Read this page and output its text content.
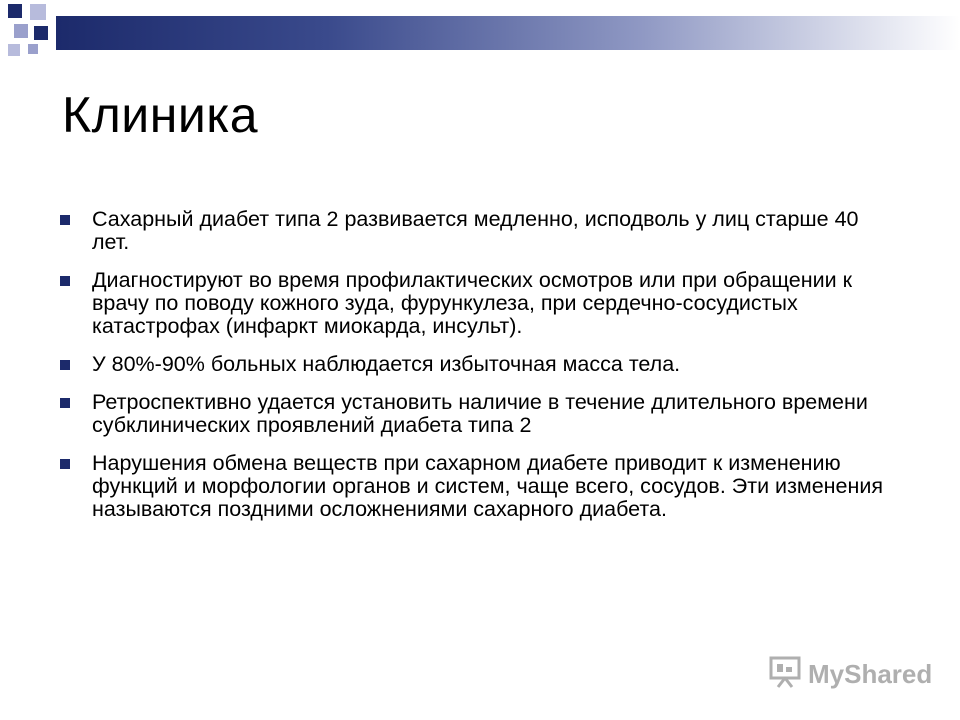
Клиника
Сахарный диабет типа 2 развивается медленно, исподволь у лиц старше 40 лет.
Диагностируют во время профилактических осмотров или при обращении к врачу по поводу кожного зуда, фурункулеза, при сердечно-сосудистых катастрофах (инфаркт миокарда, инсульт).
У 80%-90% больных наблюдается избыточная масса тела.
Ретроспективно удается установить наличие в течение длительного времени субклинических проявлений диабета типа 2
Нарушения обмена веществ при сахарном диабете приводит к изменению функций и морфологии органов и систем, чаще всего, сосудов. Эти изменения называются поздними осложнениями сахарного диабета.
MyShared
